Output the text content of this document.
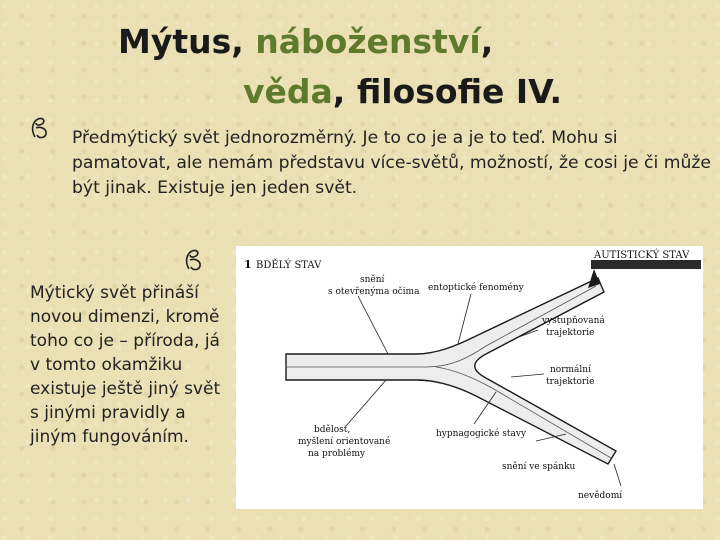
Mýtus, náboženství,
věda, filosofie IV.
Předmýtický svět jednorozměrný. Je to co je a je to teď. Mohu si pamatovat, ale nemám představu více-světů, možností, že cosi je či může být jinak. Existuje jen jeden svět.
Mýtický svět přináší novou dimenzi, kromě toho co je – příroda, já v tomto okamžiku existuje ještě jiný svět s jinými pravidly a jiným fungováním.
1 BDĚLÝ STAV
AUTISTICKÝ STAV
snění
s otevřenýma očima entoptické fenomény
vystupňovaná
trajektorie
normální
trajektorie
bdělost,
myšlení orientované
na problémy
hypnagogické stavy
snění ve spánku
nevědomí
